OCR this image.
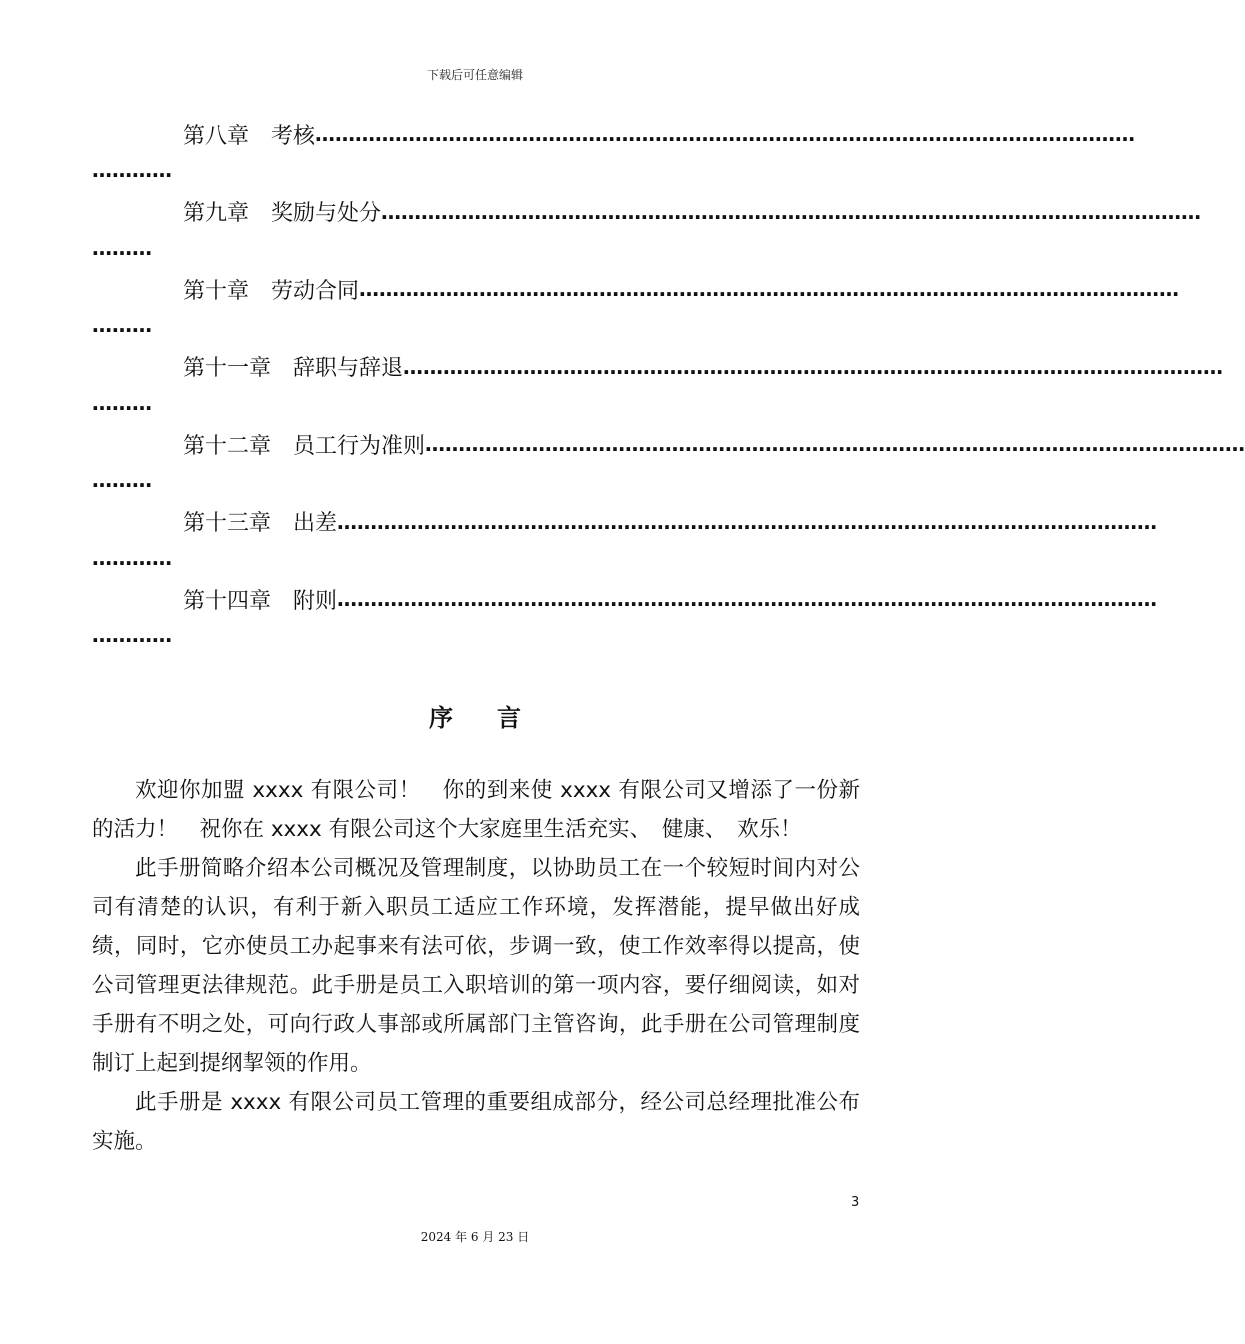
下载后可任意编辑
第八章 考核 ……………………………………………………………………………………………………………
…………
第九章 奖励与处分 ……………………………………………………………………………………………………………
………
第十章 劳动合同 ……………………………………………………………………………………………………………
………
第十一章 辞职与辞退 ……………………………………………………………………………………………………………
………
第十二章 员工行为准则 ……………………………………………………………………………………………………………
………
第十三章 出差 ……………………………………………………………………………………………………………
…………
第十四章 附则 ……………………………………………………………………………………………………………
…………
序言

欢迎你加盟 xxxx 有限公司！　你的到来使 xxxx 有限公司又增添了一份新的活力！　祝你在 xxxx 有限公司这个大家庭里生活充实、　健康、　欢乐！

此手册简略介绍本公司概况及管理制度，以协助员工在一个较短时间内对公司有清楚的认识，有利于新入职员工适应工作环境，发挥潜能，提早做出好成绩，同时，它亦使员工办起事来有法可依，步调一致，使工作效率得以提高，使公司管理更法律规范。此手册是员工入职培训的第一项内容，要仔细阅读，如对手册有不明之处，可向行政人事部或所属部门主管咨询，此手册在公司管理制度制订上起到提纲挈领的作用。

此手册是 xxxx 有限公司员工管理的重要组成部分，经公司总经理批准公布实施。

3
2024 年 6 月 23 日
